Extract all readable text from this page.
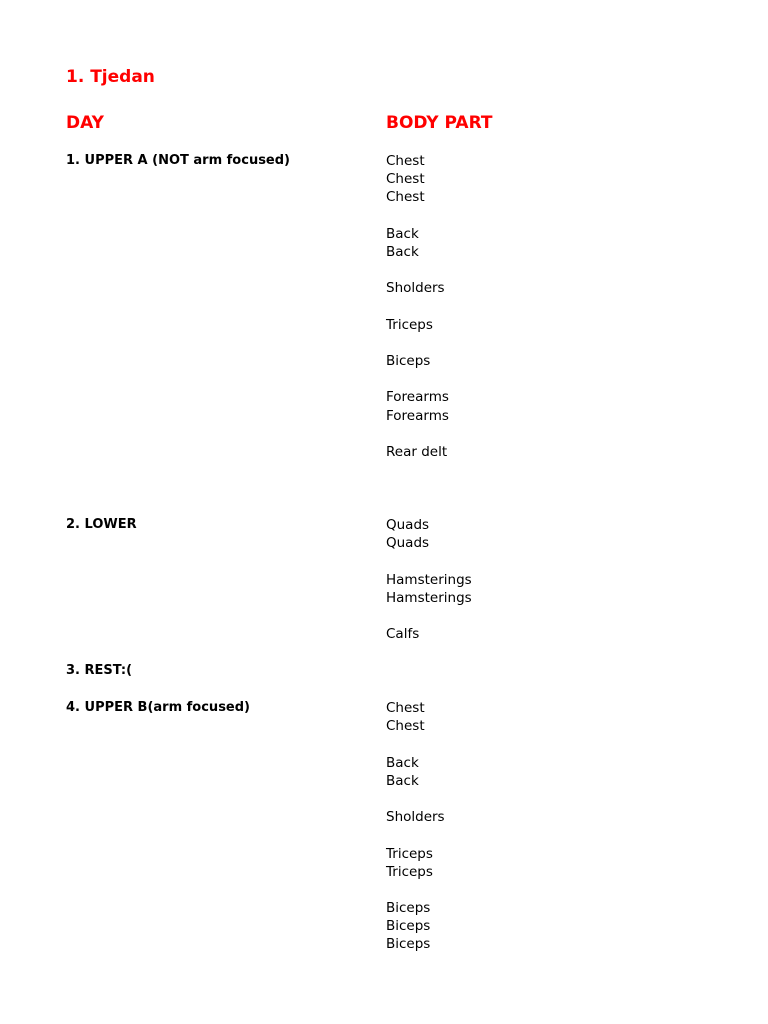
1. Tjedan
DAY	BODY PART
1. UPPER A (NOT arm focused)	Chest
Chest
Chest
Back
Back
Sholders
Triceps
Biceps
Forearms
Forearms
Rear delt
2. LOWER	Quads
Quads
Hamsterings
Hamsterings
Calfs
3. REST:(
4. UPPER B(arm focused)	Chest
Chest
Back
Back
Sholders
Triceps
Triceps
Biceps
Biceps
Biceps
